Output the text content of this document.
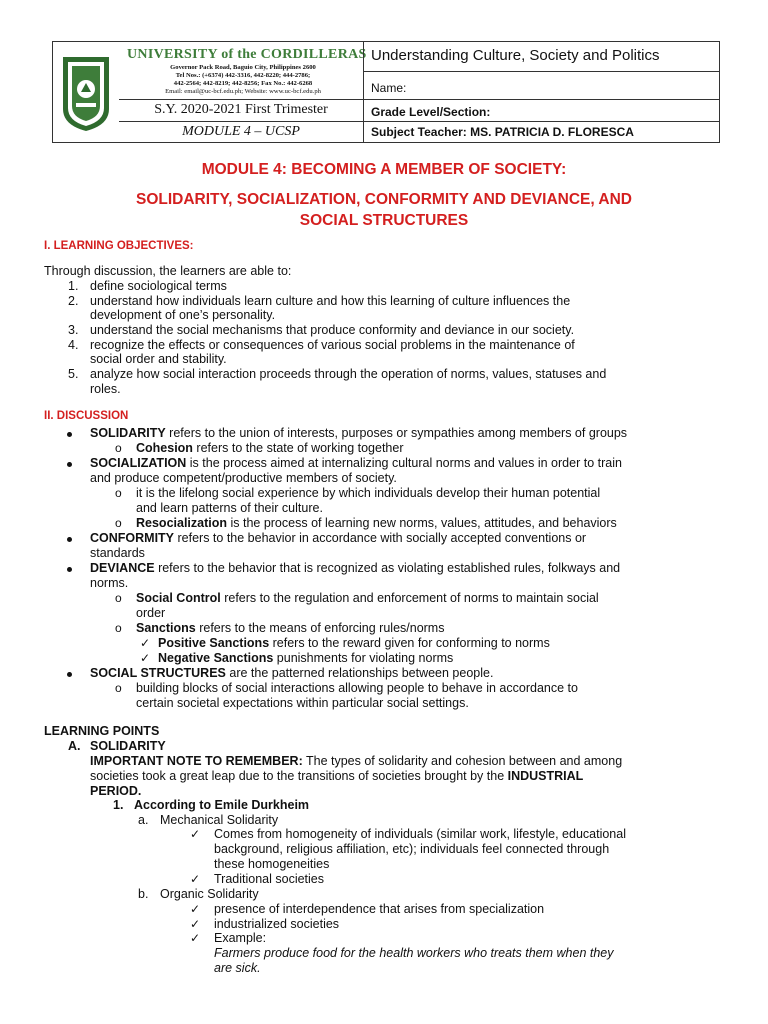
UNIVERSITY of the CORDILLERAS
Governor Pack Road, Baguio City, Philippines 2600
Tel Nos.: (+6374) 442-3316, 442-8220; 444-2786;
442-2564; 442-8219; 442-8256; Fax No.: 442-6268
Email: email@uc-bcf.edu.ph; Website: www.uc-bcf.edu.ph
S.Y. 2020-2021 First Trimester
MODULE 4 – UCSP
Understanding Culture, Society and Politics
Name:
Grade Level/Section:
Subject Teacher: MS. PATRICIA D. FLORESCA
MODULE 4: BECOMING A MEMBER OF SOCIETY:
SOLIDARITY, SOCIALIZATION, CONFORMITY AND DEVIANCE, AND
SOCIAL STRUCTURES
I. LEARNING OBJECTIVES:
Through discussion, the learners are able to:
1. define sociological terms
2. understand how individuals learn culture and how this learning of culture influences the
development of one’s personality.
3. understand the social mechanisms that produce conformity and deviance in our society.
4. recognize the effects or consequences of various social problems in the maintenance of
social order and stability.
5. analyze how social interaction proceeds through the operation of norms, values, statuses and
roles.
II. DISCUSSION
SOLIDARITY refers to the union of interests, purposes or sympathies among members of groups
o Cohesion refers to the state of working together
SOCIALIZATION is the process aimed at internalizing cultural norms and values in order to train
and produce competent/productive members of society.
o it is the lifelong social experience by which individuals develop their human potential
and learn patterns of their culture.
o Resocialization is the process of learning new norms, values, attitudes, and behaviors
CONFORMITY refers to the behavior in accordance with socially accepted conventions or
standards
DEVIANCE refers to the behavior that is recognized as violating established rules, folkways and
norms.
o Social Control refers to the regulation and enforcement of norms to maintain social
order
o Sanctions refers to the means of enforcing rules/norms
✓ Positive Sanctions refers to the reward given for conforming to norms
✓ Negative Sanctions punishments for violating norms
SOCIAL STRUCTURES are the patterned relationships between people.
o building blocks of social interactions allowing people to behave in accordance to
certain societal expectations within particular social settings.
LEARNING POINTS
A. SOLIDARITY
IMPORTANT NOTE TO REMEMBER: The types of solidarity and cohesion between and among
societies took a great leap due to the transitions of societies brought by the INDUSTRIAL
PERIOD.
1. According to Emile Durkheim
a. Mechanical Solidarity
✓ Comes from homogeneity of individuals (similar work, lifestyle, educational
background, religious affiliation, etc); individuals feel connected through
these homogeneities
✓ Traditional societies
b. Organic Solidarity
✓ presence of interdependence that arises from specialization
✓ industrialized societies
✓ Example:
Farmers produce food for the health workers who treats them when they
are sick.
